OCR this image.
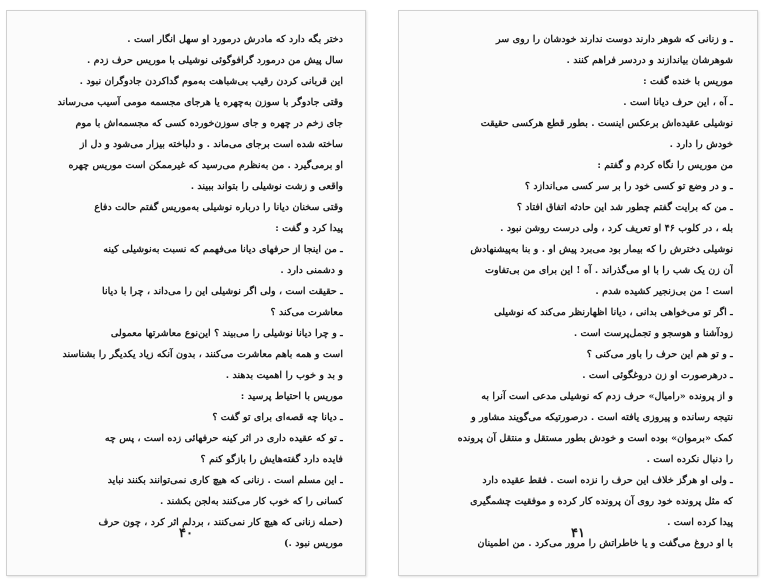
دختر بگه دارد که مادرش درمورد او سهل انگار است .
سال پیش من درمورد گرافوگوئی نوشیلی با موریس حرف زدم .
این قربانی کردن رقیب بی‌شباهت به‌موم گداکردن جادوگران نبود .
وقتی جادوگر با سوزن به‌چهره یا هرجای مجسمه مومی آسیب می‌رساند
جای زخم در چهره و جای سوزن‌خورده کسی که مجسمه‌اش با موم
ساخته شده است برجای می‌ماند . و دلباخته بیزار می‌شود و دل از
او برمی‌گیرد . من به‌نظرم می‌رسید که غیرممکن است موریس چهره
واقعی و زشت نوشیلی را بتواند ببیند .
وقتی سخنان دیانا را درباره نوشیلی به‌موریس گفتم حالت دفاع
پیدا کرد و گفت :
ـ من اینجا از حرفهای دیانا می‌فهمم که نسبت به‌نوشیلی کینه
و دشمنی دارد .
ـ حقیقت است ، ولی اگر نوشیلی این را می‌داند ، چرا با دیانا
معاشرت می‌کند ؟
ـ و چرا دیانا نوشیلی را می‌بیند ؟ این‌نوع معاشرتها معمولی
است و همه باهم معاشرت می‌کنند ، بدون آنکه زیاد یکدیگر را بشناسند
و بد و خوب را اهمیت بدهند .
موریس با احتیاط پرسید :
ـ دیانا چه قصه‌ای برای تو گفت ؟
ـ تو که عقیده داری در اثر کینه حرفهائی زده است ، پس چه
فایده دارد گفته‌هایش را بازگو کنم ؟
ـ این مسلم است . زنانی که هیچ کاری نمی‌توانند بکنند نباید
کسانی را که خوب کار می‌کنند به‌لجن بکشند .
(حمله زنانی که هیچ کار نمی‌کنند ، بردلم اثر کرد ، چون حرف
موریس نبود .)
۴۰
ـ و زنانی که شوهر دارند دوست ندارند خودشان را روی سر
شوهرشان بیاندازند و دردسر فراهم کنند .
موریس با خنده گفت :
ـ آه ، این حرف دیانا است .
نوشیلی عقیده‌اش برعکس اینست . بطور قطع هرکسی حقیقت
خودش را دارد .
من موریس را نگاه کردم و گفتم :
ـ و در وضع تو کسی خود را بر سر کسی می‌اندازد ؟
ـ من که برایت گفتم چطور شد این حادثه اتفاق افتاد ؟
بله ، در کلوب ۴۶ او تعریف کرد ، ولی درست روشن نبود .
نوشیلی دخترش را که بیمار بود می‌برد پیش او . و بنا به‌پیشنهادش
آن زن یک شب را با او می‌گذراند . آه ! این برای من بی‌تفاوت
است ! من بی‌زنجیر کشیده شدم .
ـ اگر تو می‌خواهی بدانی ، دیانا اظهارنظر می‌کند که نوشیلی
زودآشنا و هوسجو و تجمل‌پرست است .
ـ و تو هم این حرف را باور می‌کنی ؟
ـ درهرصورت او زن دروغگوئی است .
و از پرونده «رامیال» حرف زدم که نوشیلی مدعی است آنرا به
نتیجه رسانده و پیروزی یافته است . درصورتیکه می‌گویند مشاور و
کمک «برموان» بوده است و خودش بطور مستقل و منتقل آن پرونده
را دنبال نکرده است .
ـ ولی او هرگز خلاف این حرف را نزده است . فقط عقیده دارد
که مثل پرونده خود روی آن پرونده کار کرده و موفقیت چشمگیری
پیدا کرده است .
با او دروغ می‌گفت و یا خاطراتش را مرور می‌کرد . من اطمینان
۴۱
